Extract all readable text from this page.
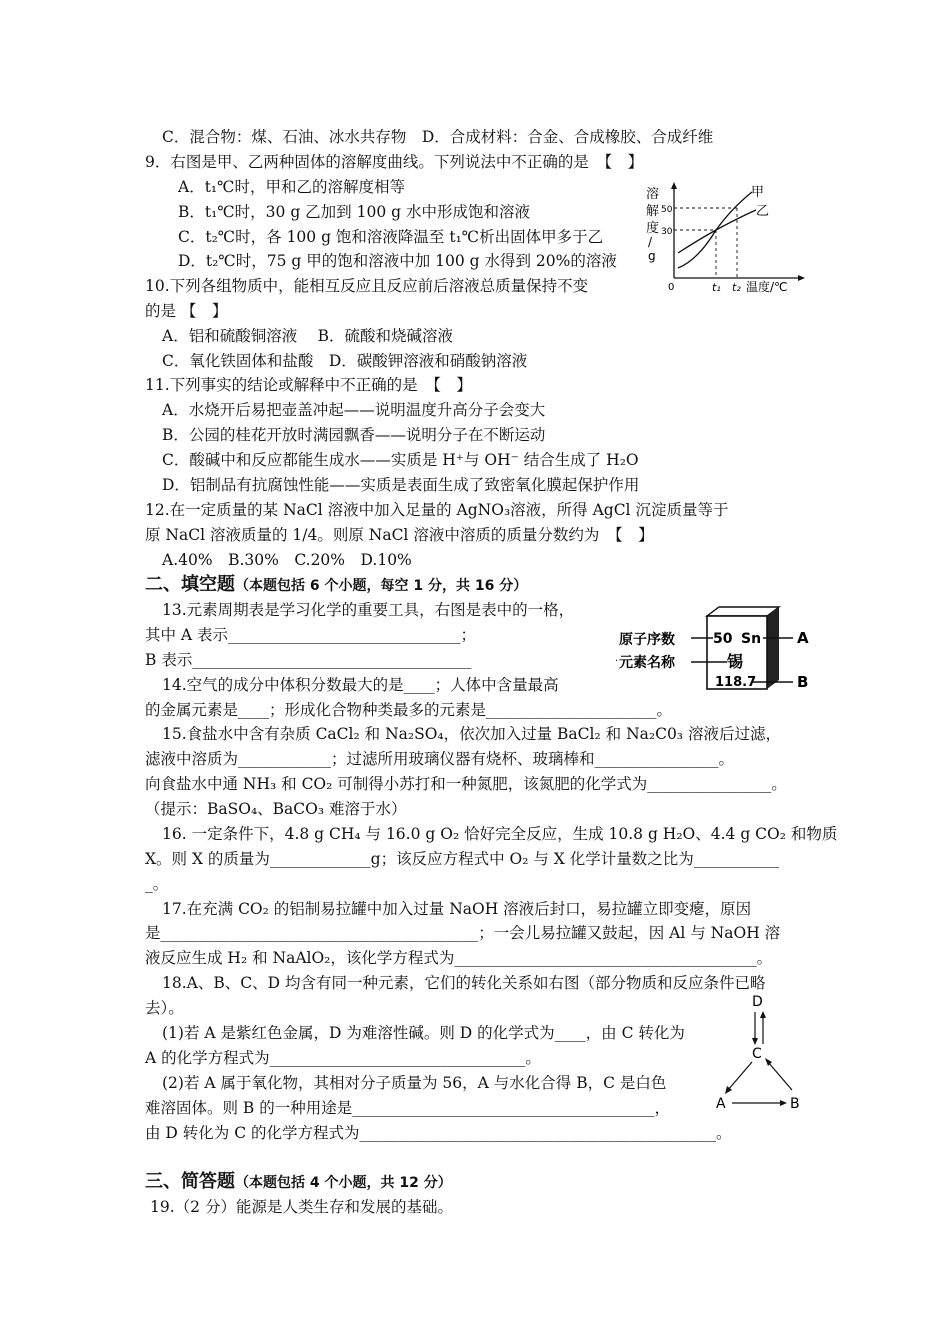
C．混合物：煤、石油、冰水共存物　D．合成材料：合金、合成橡胶、合成纤维
9．右图是甲、乙两种固体的溶解度曲线。下列说法中不正确的是　【　】
A．t₁℃时，甲和乙的溶解度相等
B．t₁℃时，30 g 乙加到 100 g 水中形成饱和溶液
C．t₂℃时，各 100 g 饱和溶液降温至 t₁℃析出固体甲多于乙
D．t₂℃时，75 g 甲的饱和溶液中加 100 g 水得到 20%的溶液
10.下列各组物质中，能相互反应且反应前后溶液总质量保持不变
的是 【　】
A．铝和硫酸铜溶液　 B．硫酸和烧碱溶液
C．氧化铁固体和盐酸　D．碳酸钾溶液和硝酸钠溶液
11.下列事实的结论或解释中不正确的是　【　】
A．水烧开后易把壶盖冲起——说明温度升高分子会变大
B．公园的桂花开放时满园飘香——说明分子在不断运动
C．酸碱中和反应都能生成水——实质是 H⁺与 OH⁻ 结合生成了 H₂O
D．铝制品有抗腐蚀性能——实质是表面生成了致密氧化膜起保护作用
12.在一定质量的某 NaCl 溶液中加入足量的 AgNO₃溶液，所得 AgCl 沉淀质量等于
原 NaCl 溶液质量的 1/4。则原 NaCl 溶液中溶质的质量分数约为　【　】
A.40%　B.30%　C.20%　D.10%
二、填空题（本题包括 6 个小题，每空 1 分，共 16 分）
13.元素周期表是学习化学的重要工具，右图是表中的一格，
其中 A 表示______________________________；
B 表示____________________________________
14.空气的成分中体积分数最大的是____；人体中含量最高
的金属元素是____；形成化合物种类最多的元素是______________________。
15.食盐水中含有杂质 CaCl₂ 和 Na₂SO₄，依次加入过量 BaCl₂ 和 Na₂C0₃ 溶液后过滤，
滤液中溶质为____________；过滤所用玻璃仪器有烧杯、玻璃棒和________________。
向食盐水中通 NH₃ 和 CO₂ 可制得小苏打和一种氮肥，该氮肥的化学式为________________。
（提示：BaSO₄、BaCO₃ 难溶于水）
16. 一定条件下，4.8 g CH₄ 与 16.0 g O₂ 恰好完全反应，生成 10.8 g H₂O、4.4 g CO₂ 和物质
X。则 X 的质量为_____________g；该反应方程式中 O₂ 与 X 化学计量数之比为___________
_。
17.在充满 CO₂ 的铝制易拉罐中加入过量 NaOH 溶液后封口，易拉罐立即变瘪，原因
是_________________________________________；一会儿易拉罐又鼓起，因 Al 与 NaOH 溶
液反应生成 H₂ 和 NaAlO₂，该化学方程式为_______________________________________。
18.A、B、C、D 均含有同一种元素，它们的转化关系如右图（部分物质和反应条件已略
去）。
(1)若 A 是紫红色金属，D 为难溶性碱。则 D 的化学式为____，由 C 转化为
A 的化学方程式为_________________________________。
(2)若 A 属于氧化物，其相对分子质量为 56，A 与水化合得 B，C 是白色
难溶固体。则 B 的一种用途是_______________________________________，
由 D 转化为 C 的化学方程式为______________________________________________。
三、简答题（本题包括 4 个小题，共 12 分）
19.（2 分）能源是人类生存和发展的基础。
溶
解
度
/
g
50
30
0	t₁ t₂ 温度/℃
甲
乙
50 Sn
锡
118.7
原子序数
元素名称
A
B
·
D
C
A	B
